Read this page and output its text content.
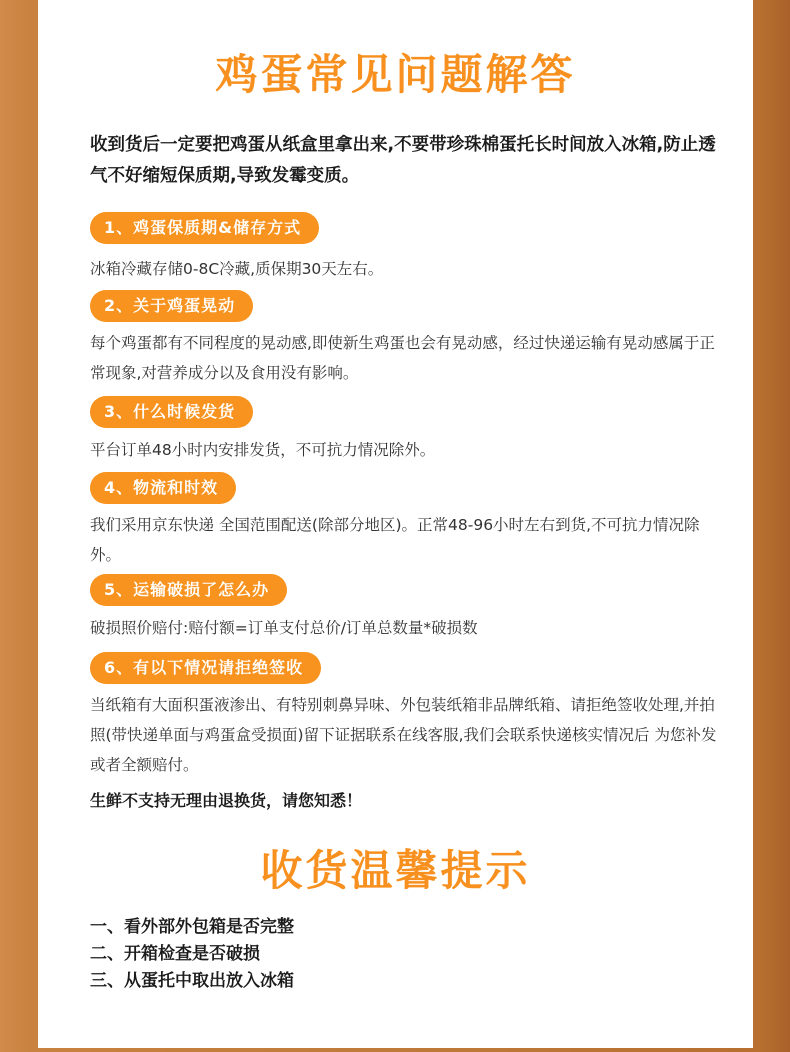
鸡蛋常见问题解答

收到货后一定要把鸡蛋从纸盒里拿出来,不要带珍珠棉蛋托长时间放入冰箱,防止透气不好缩短保质期,导致发霉变质。

1、鸡蛋保质期&储存方式

冰箱冷藏存储0-8C冷藏,质保期30天左右。

2、关于鸡蛋晃动

每个鸡蛋都有不同程度的晃动感,即使新生鸡蛋也会有晃动感，经过快递运输有晃动感属于正常现象,对营养成分以及食用没有影响。

3、什么时候发货

平台订单48小时内安排发货，不可抗力情况除外。

4、物流和时效

我们采用京东快递 全国范围配送(除部分地区)。正常48-96小时左右到货,不可抗力情况除外。

5、运输破损了怎么办

破损照价赔付:赔付额=订单支付总价/订单总数量*破损数

6、有以下情况请拒绝签收

当纸箱有大面积蛋液渗出、有特别刺鼻异味、外包装纸箱非品牌纸箱、请拒绝签收处理,并拍照(带快递单面与鸡蛋盒受损面)留下证据联系在线客服,我们会联系快递核实情况后 为您补发或者全额赔付。

生鲜不支持无理由退换货，请您知悉！

收货温馨提示
一、看外部外包箱是否完整
二、开箱检查是否破损
三、从蛋托中取出放入冰箱
